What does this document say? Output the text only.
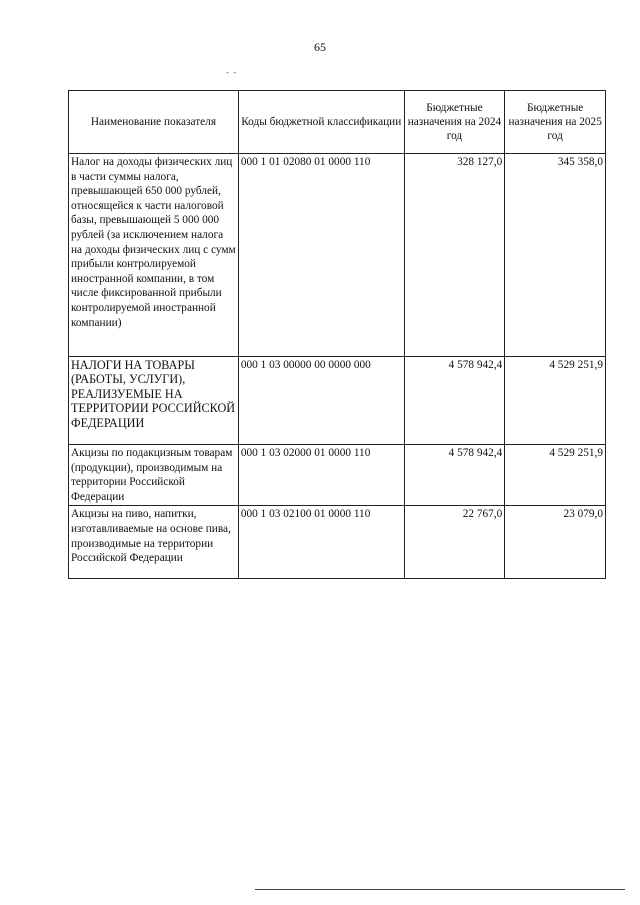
65
- -
Наименование показателя	Коды бюджетной классификации	Бюджетные назначения на 2024 год	Бюджетные назначения на 2025 год
Налог на доходы физических лиц в части суммы налога, превышающей 650 000 рублей, относящейся к части налоговой базы, превышающей 5 000 000 рублей (за исключением налога на доходы физических лиц с сумм прибыли контролируемой иностранной компании, в том числе фиксированной прибыли контролируемой иностранной компании)	000 1 01 02080 01 0000 110	328 127,0	345 358,0
НАЛОГИ НА ТОВАРЫ (РАБОТЫ, УСЛУГИ), РЕАЛИЗУЕМЫЕ НА ТЕРРИТОРИИ РОССИЙСКОЙ ФЕДЕРАЦИИ	000 1 03 00000 00 0000 000	4 578 942,4	4 529 251,9
Акцизы по подакцизным товарам (продукции), производимым на территории Российской Федерации	000 1 03 02000 01 0000 110	4 578 942,4	4 529 251,9
Акцизы на пиво, напитки, изготавливаемые на основе пива, производимые на территории Российской Федерации	000 1 03 02100 01 0000 110	22 767,0	23 079,0
